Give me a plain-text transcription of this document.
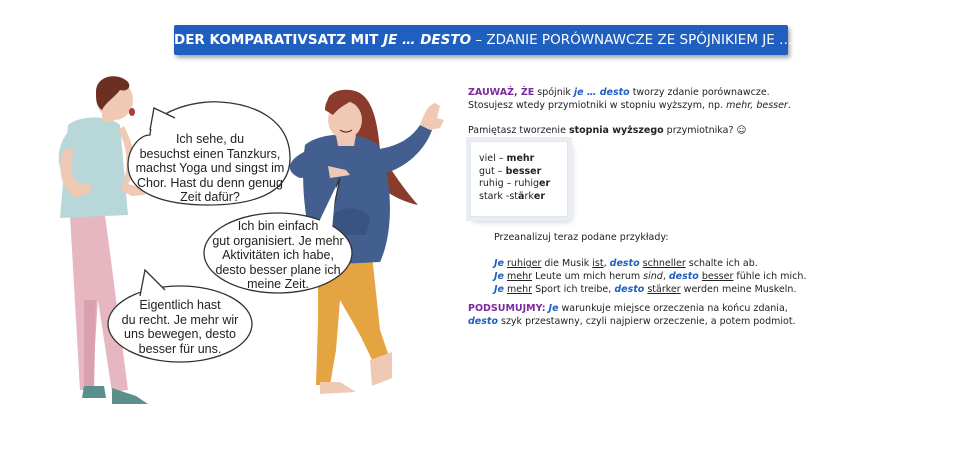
DER KOMPARATIVSATZ MIT JE … DESTO – ZDANIE PORÓWNAWCZE ZE SPÓJNIKIEM JE … DESTO
Ich sehe, du
besuchst einen Tanzkurs,
machst Yoga und singst im
Chor. Hast du denn genug
Zeit dafür?
Ich bin einfach
gut organisiert. Je mehr
Aktivitäten ich habe,
desto besser plane ich
meine Zeit.
Eigentlich hast
du recht. Je mehr wir
uns bewegen, desto
besser für uns.

ZAUWAŻ, ŻE spójnik je … desto tworzy zdanie porównawcze.

Stosujesz wtedy przymiotniki w stopniu wyższym, np. mehr, besser.

Pamiętasz tworzenie stopnia wyższego przymiotnika? ☺

viel – mehr
gut – besser
ruhig – ruhiger
stark -stärker

Przeanalizuj teraz podane przykłady:

Je ruhiger die Musik ist, desto schneller schalte ich ab.

Je mehr Leute um mich herum sind, desto besser fühle ich mich.

Je mehr Sport ich treibe, desto stärker werden meine Muskeln.

PODSUMUJMY: Je warunkuje miejsce orzeczenia na końcu zdania,

desto szyk przestawny, czyli najpierw orzeczenie, a potem podmiot.
